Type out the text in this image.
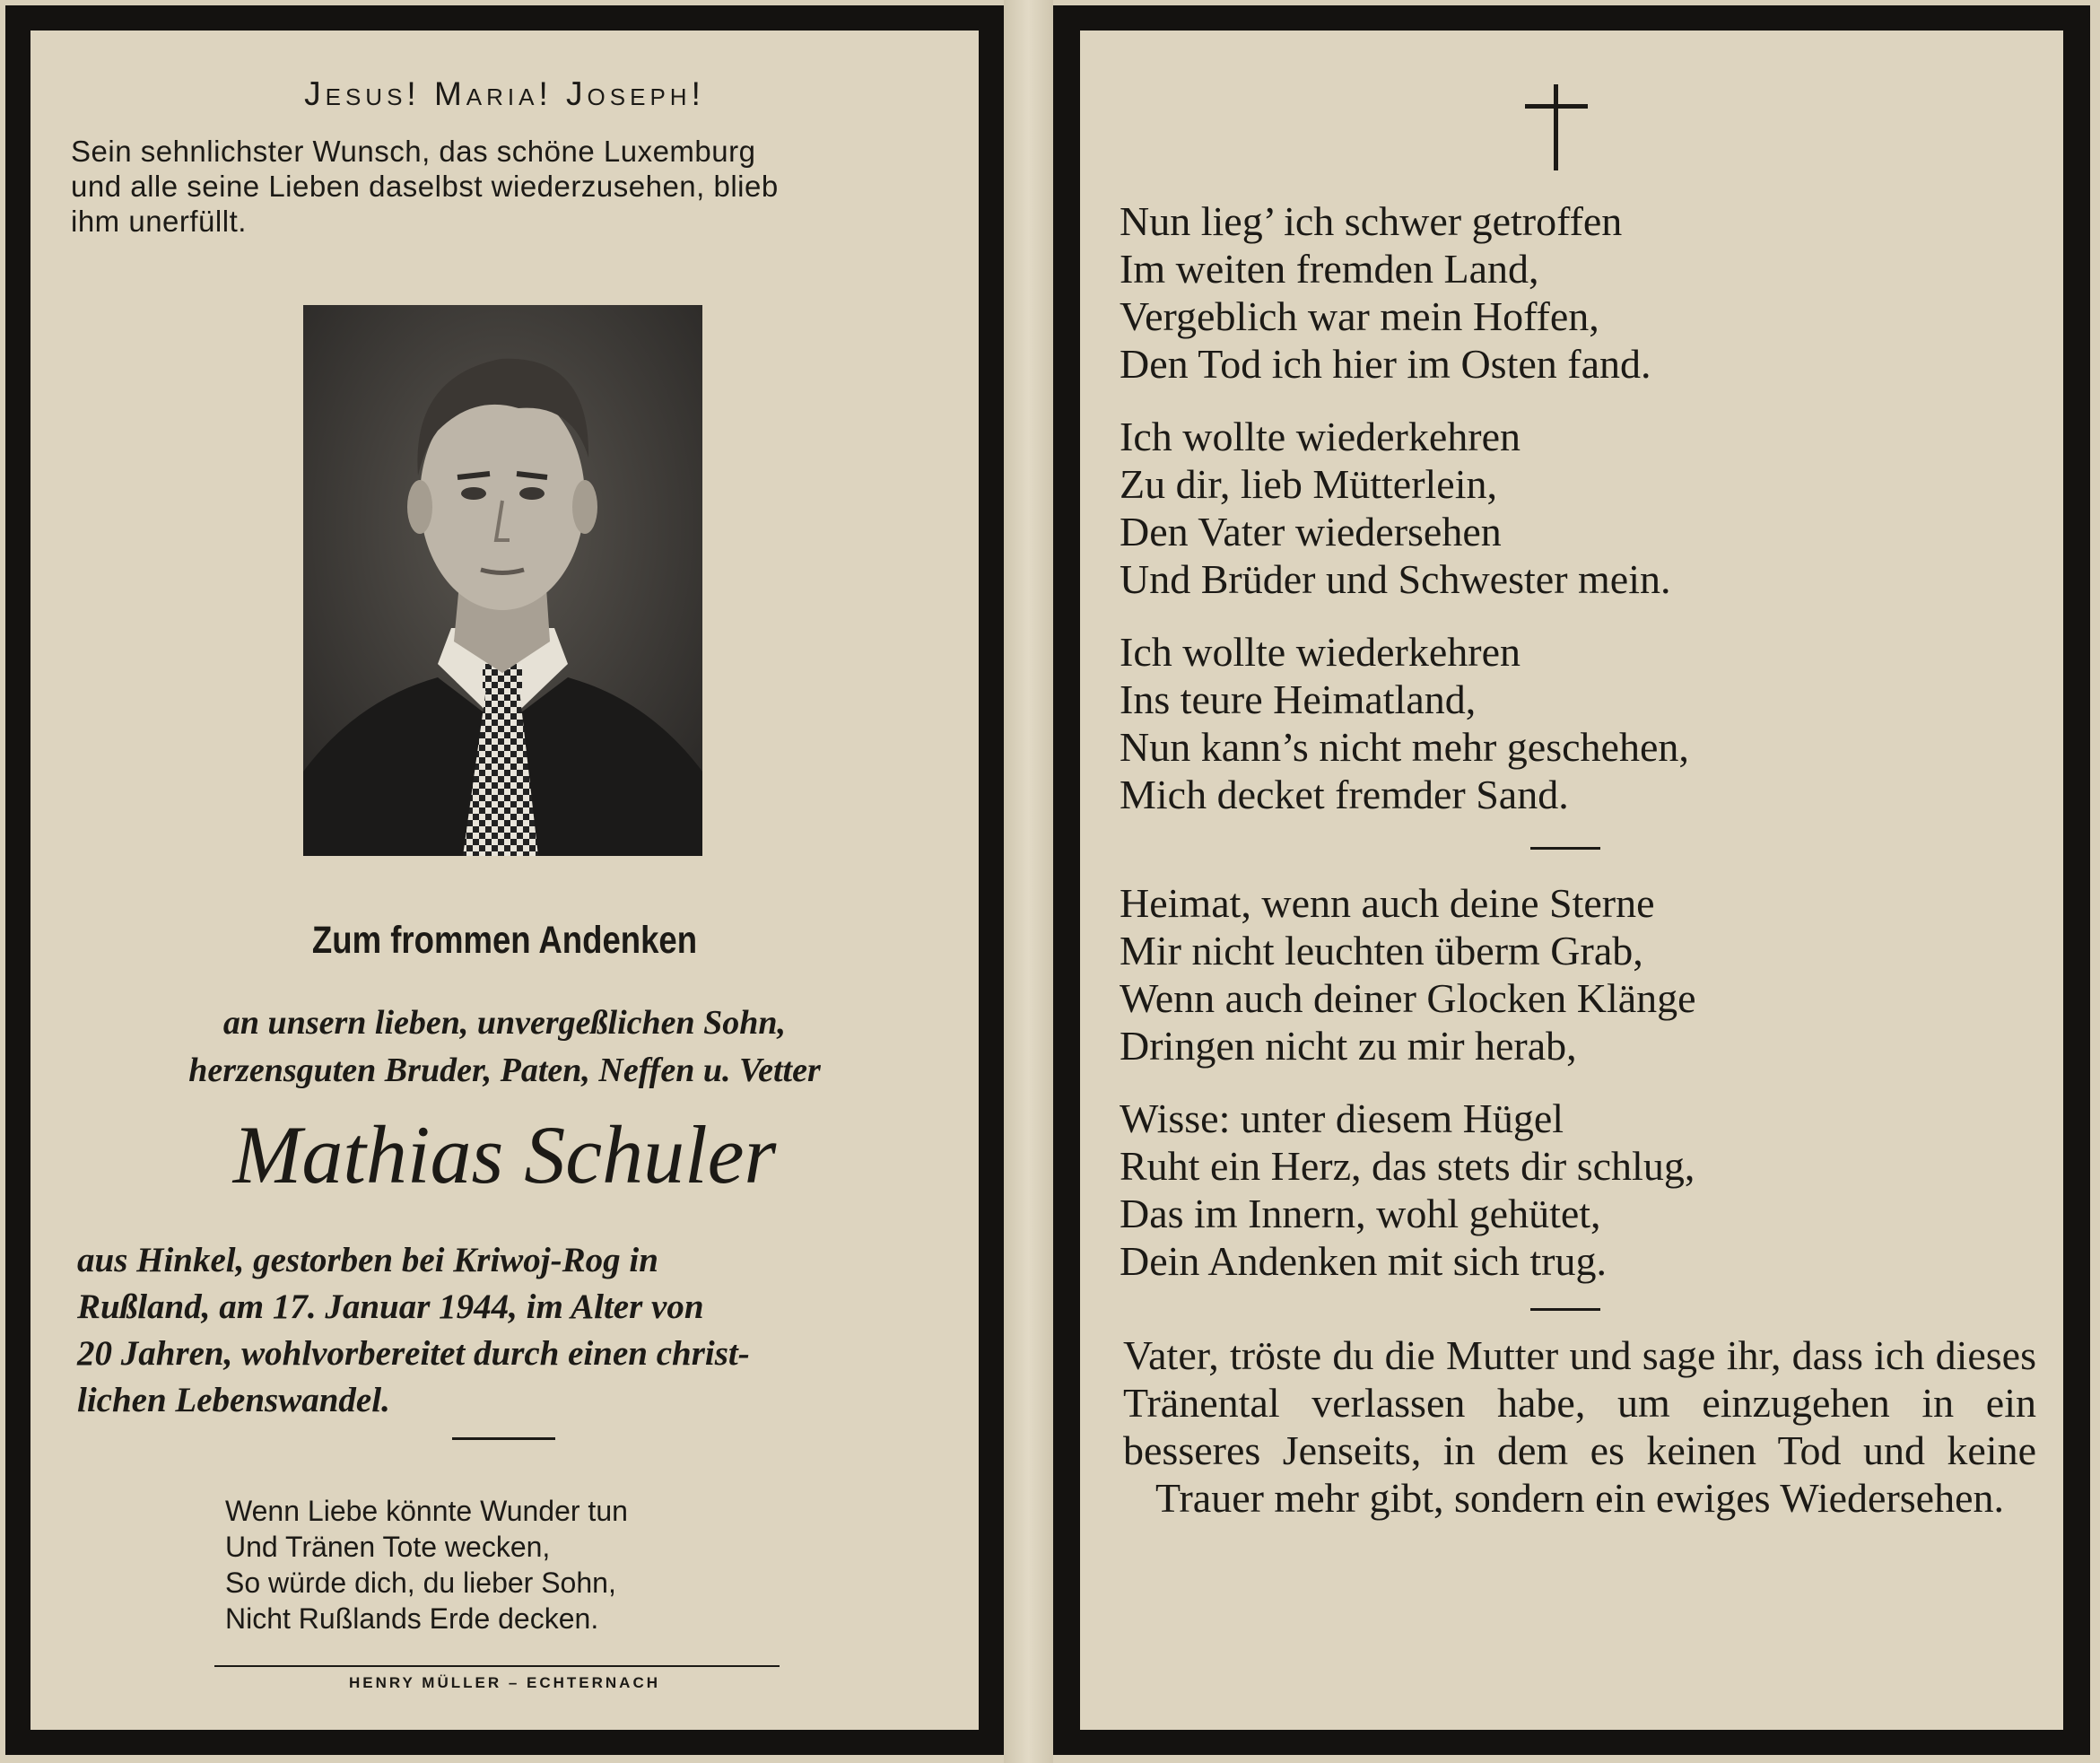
Jesus! Maria! Joseph!
Sein sehnlichster Wunsch, das schöne Luxemburg
und alle seine Lieben daselbst wiederzusehen, blieb
ihm unerfüllt.
Zum frommen Andenken
an unsern lieben, unvergeßlichen Sohn,
herzensguten Bruder, Paten, Neffen u. Vetter
Mathias Schuler
aus Hinkel, gestorben bei Kriwoj-Rog in
Rußland, am 17. Januar 1944, im Alter von
20 Jahren, wohlvorbereitet durch einen christ-
lichen Lebenswandel.
Wenn Liebe könnte Wunder tun
Und Tränen Tote wecken,
So würde dich, du lieber Sohn,
Nicht Rußlands Erde decken.
HENRY MÜLLER – ECHTERNACH
Nun lieg’ ich schwer getroffen
Im weiten fremden Land,
Vergeblich war mein Hoffen,
Den Tod ich hier im Osten fand.
Ich wollte wiederkehren
Zu dir, lieb Mütterlein,
Den Vater wiedersehen
Und Brüder und Schwester mein.
Ich wollte wiederkehren
Ins teure Heimatland,
Nun kann’s nicht mehr geschehen,
Mich decket fremder Sand.
Heimat, wenn auch deine Sterne
Mir nicht leuchten überm Grab,
Wenn auch deiner Glocken Klänge
Dringen nicht zu mir herab,
Wisse: unter diesem Hügel
Ruht ein Herz, das stets dir schlug,
Das im Innern, wohl gehütet,
Dein Andenken mit sich trug.
Vater, tröste du die Mutter und sage ihr, dass ich dieses Tränental verlassen habe, um einzugehen in ein besseres Jenseits, in dem es keinen Tod und keine Trauer mehr gibt, sondern ein ewiges Wiedersehen.
